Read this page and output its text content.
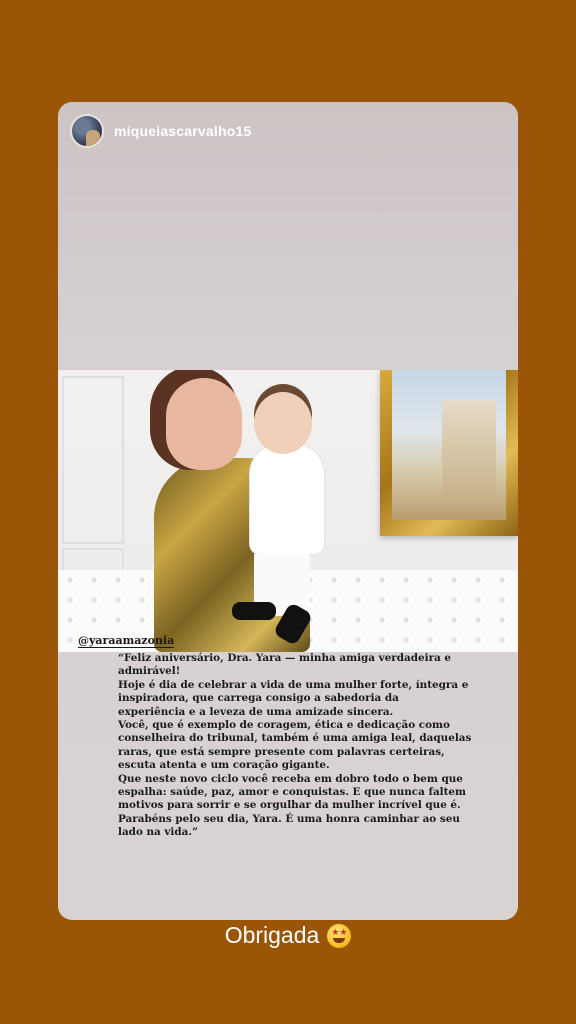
miqueiascarvalho15
@yaraamazonia

“Feliz aniversário, Dra. Yara — minha amiga verdadeira e

admirável!

Hoje é dia de celebrar a vida de uma mulher forte, íntegra e

inspiradora, que carrega consigo a sabedoria da

experiência e a leveza de uma amizade sincera.

Você, que é exemplo de coragem, ética e dedicação como

conselheira do tribunal, também é uma amiga leal, daquelas

raras, que está sempre presente com palavras certeiras,

escuta atenta e um coração gigante.

Que neste novo ciclo você receba em dobro todo o bem que

espalha: saúde, paz, amor e conquistas. E que nunca faltem

motivos para sorrir e se orgulhar da mulher incrível que é.

Parabéns pelo seu dia, Yara. É uma honra caminhar ao seu

lado na vida.”

Obrigada
★
★
